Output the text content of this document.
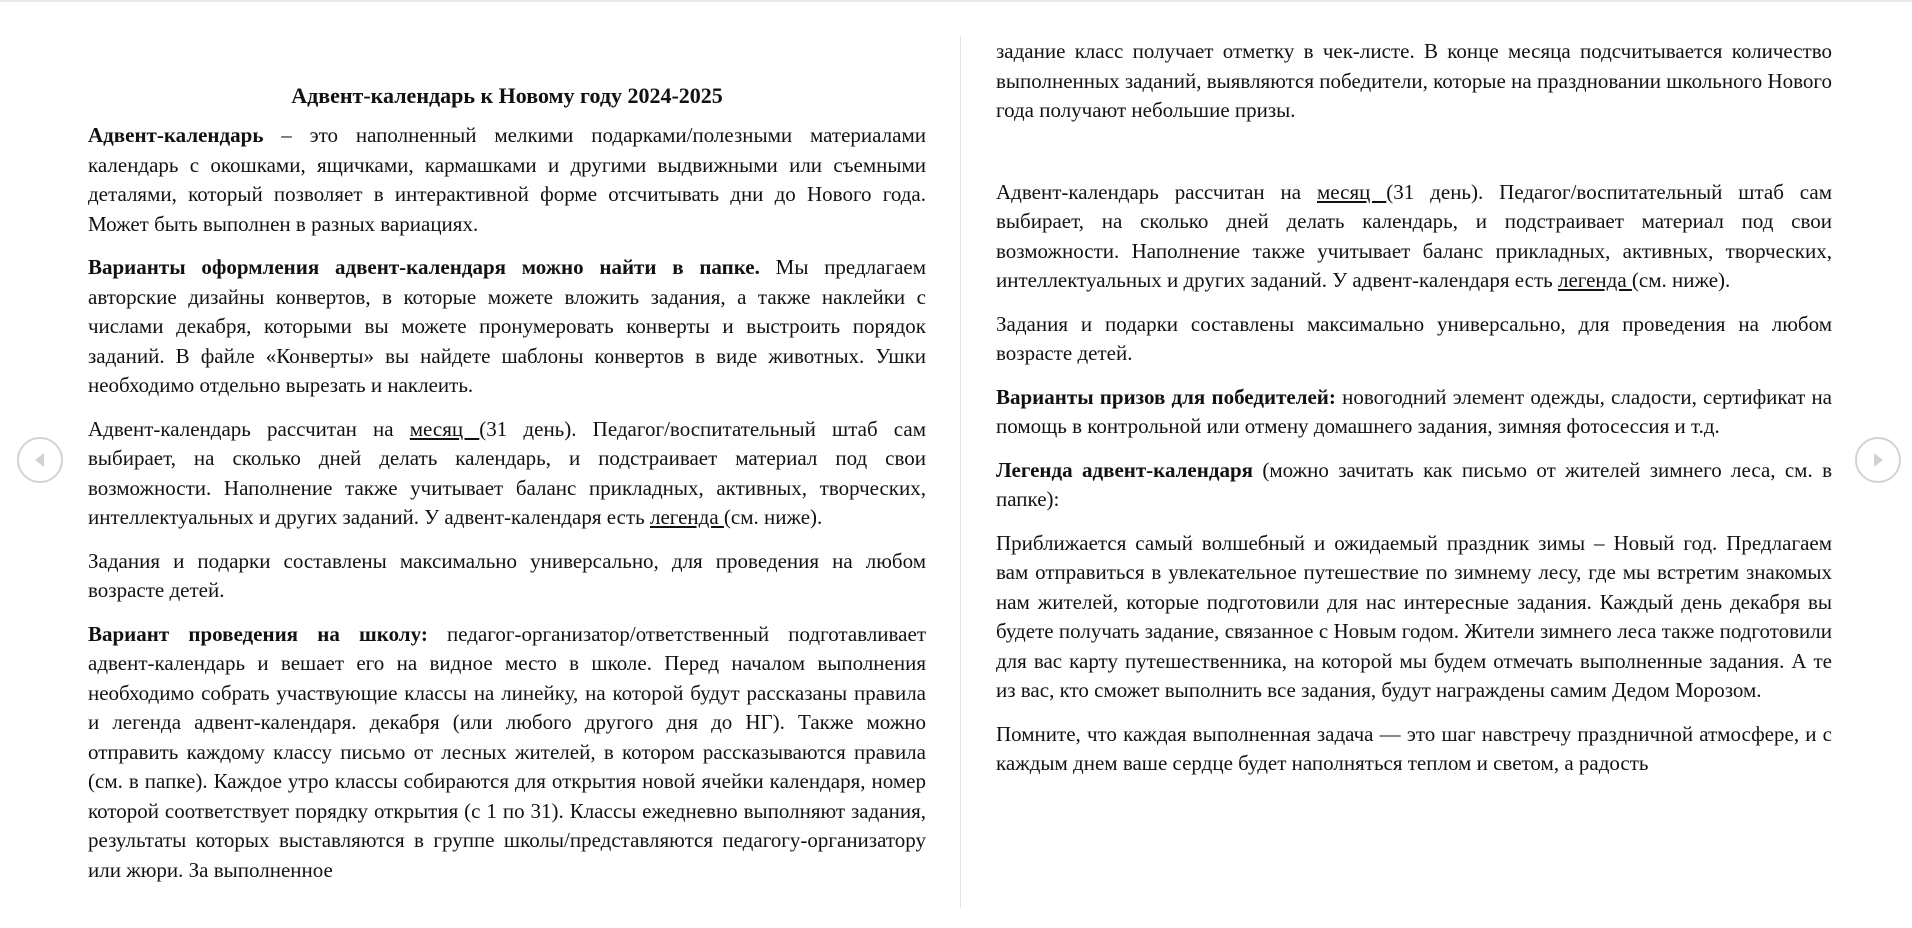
Адвент-календарь к Новому году 2024-2025

Адвент-календарь – это наполненный мелкими подарками/полезными материалами календарь с окошками, ящичками, кармашками и другими выдвижными или съемными деталями, который позволяет в интерактивной форме отсчитывать дни до Нового года. Может быть выполнен в разных вариациях.

Варианты оформления адвент-календаря можно найти в папке. Мы предлагаем авторские дизайны конвертов, в которые можете вложить задания, а также наклейки с числами декабря, которыми вы можете пронумеровать конверты и выстроить порядок заданий. В файле «Конверты» вы найдете шаблоны конвертов в виде животных. Ушки необходимо отдельно вырезать и наклеить.

Адвент-календарь рассчитан на месяц (31 день). Педагог/воспитательный штаб сам выбирает, на сколько дней делать календарь, и подстраивает материал под свои возможности. Наполнение также учитывает баланс прикладных, активных, творческих, интеллектуальных и других заданий. У адвент-календаря есть легенда (см. ниже).

Задания и подарки составлены максимально универсально, для проведения на любом возрасте детей.

Вариант проведения на школу: педагог-организатор/ответственный подготавливает адвент-календарь и вешает его на видное место в школе. Перед началом выполнения необходимо собрать участвующие классы на линейку, на которой будут рассказаны правила и легенда адвент-календаря. декабря (или любого другого дня до НГ). Также можно отправить каждому классу письмо от лесных жителей, в котором рассказываются правила (см. в папке). Каждое утро классы собираются для открытия новой ячейки календаря, номер которой соответствует порядку открытия (с 1 по 31). Классы ежедневно выполняют задания, результаты которых выставляются в группе школы/представляются педагогу-организатору или жюри. За выполненное

задание класс получает отметку в чек-листе. В конце месяца подсчитывается количество выполненных заданий, выявляются победители, которые на праздновании школьного Нового года получают небольшие призы.

Адвент-календарь рассчитан на месяц (31 день). Педагог/воспитательный штаб сам выбирает, на сколько дней делать календарь, и подстраивает материал под свои возможности. Наполнение также учитывает баланс прикладных, активных, творческих, интеллектуальных и других заданий. У адвент-календаря есть легенда (см. ниже).

Задания и подарки составлены максимально универсально, для проведения на любом возрасте детей.

Варианты призов для победителей: новогодний элемент одежды, сладости, сертификат на помощь в контрольной или отмену домашнего задания, зимняя фотосессия и т.д.

Легенда адвент-календаря (можно зачитать как письмо от жителей зимнего леса, см. в папке):

Приближается самый волшебный и ожидаемый праздник зимы – Новый год. Предлагаем вам отправиться в увлекательное путешествие по зимнему лесу, где мы встретим знакомых нам жителей, которые подготовили для нас интересные задания. Каждый день декабря вы будете получать задание, связанное с Новым годом. Жители зимнего леса также подготовили для вас карту путешественника, на которой мы будем отмечать выполненные задания. А те из вас, кто сможет выполнить все задания, будут награждены самим Дедом Морозом.

Помните, что каждая выполненная задача — это шаг навстречу праздничной атмосфере, и с каждым днем ваше сердце будет наполняться теплом и светом, а радость
